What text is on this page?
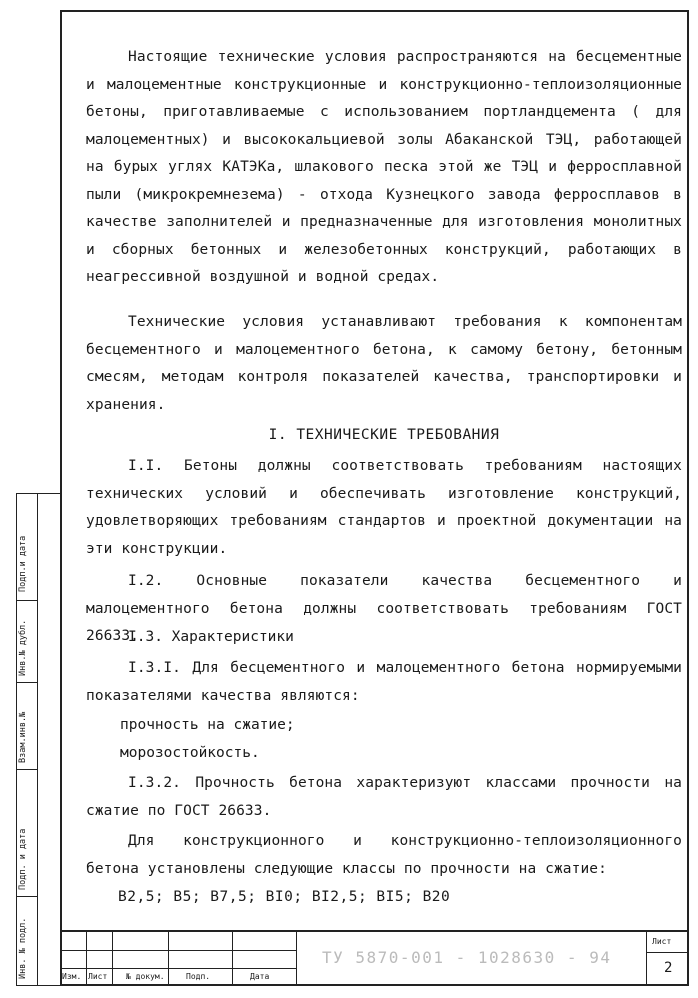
Настоящие технические условия распространяются на бесцементные и малоцементные конструкционные и конструкционно-теплоизоляционные бетоны, приготавливаемые с использованием портландцемента ( для малоцементных) и высококальциевой золы Абаканской ТЭЦ, работающей на бурых углях КАТЭКа, шлакового песка этой же ТЭЦ и ферросплавной пыли (микрокремнезема) - отхода Кузнецкого завода ферросплавов в качестве заполнителей и предназначенные для изготовления монолитных и сборных бетонных и железобетонных конструкций, работающих в неагрессивной воздушной и водной средах.

Технические условия устанавливают требования к компонентам бесцементного и малоцементного бетона, к самому бетону, бетонным смесям, методам контроля показателей качества, транспортировки и хранения.

I. ТЕХНИЧЕСКИЕ ТРЕБОВАНИЯ

I.I. Бетоны должны соответствовать требованиям настоящих технических условий и обеспечивать изготовление конструкций, удовлетворяющих требованиям стандартов и проектной документации на эти конструкции.

I.2. Основные показатели качества бесцементного и малоцементного бетона должны соответствовать требованиям ГОСТ 26633.

I.3. Характеристики

I.3.I. Для бесцементного и малоцементного бетона нормируемыми показателями качества являются:

прочность на сжатие;
морозостойкость.

I.3.2. Прочность бетона характеризуют классами прочности на сжатие по ГОСТ 26633.

Для конструкционного и конструкционно-теплоизоляционного бетона установлены следующие классы по прочности на сжатие:

B2,5; B5; B7,5; BI0; BI2,5; BI5; B20
Подп.и дата
Инв.№ дубл.
Взам.инв.№
Подп. и дата
Инв. № подл.	Изм. Лист № докум.	Подп.	Дата
ТУ 5870-001 - 1028630 - 94
Лист
2
